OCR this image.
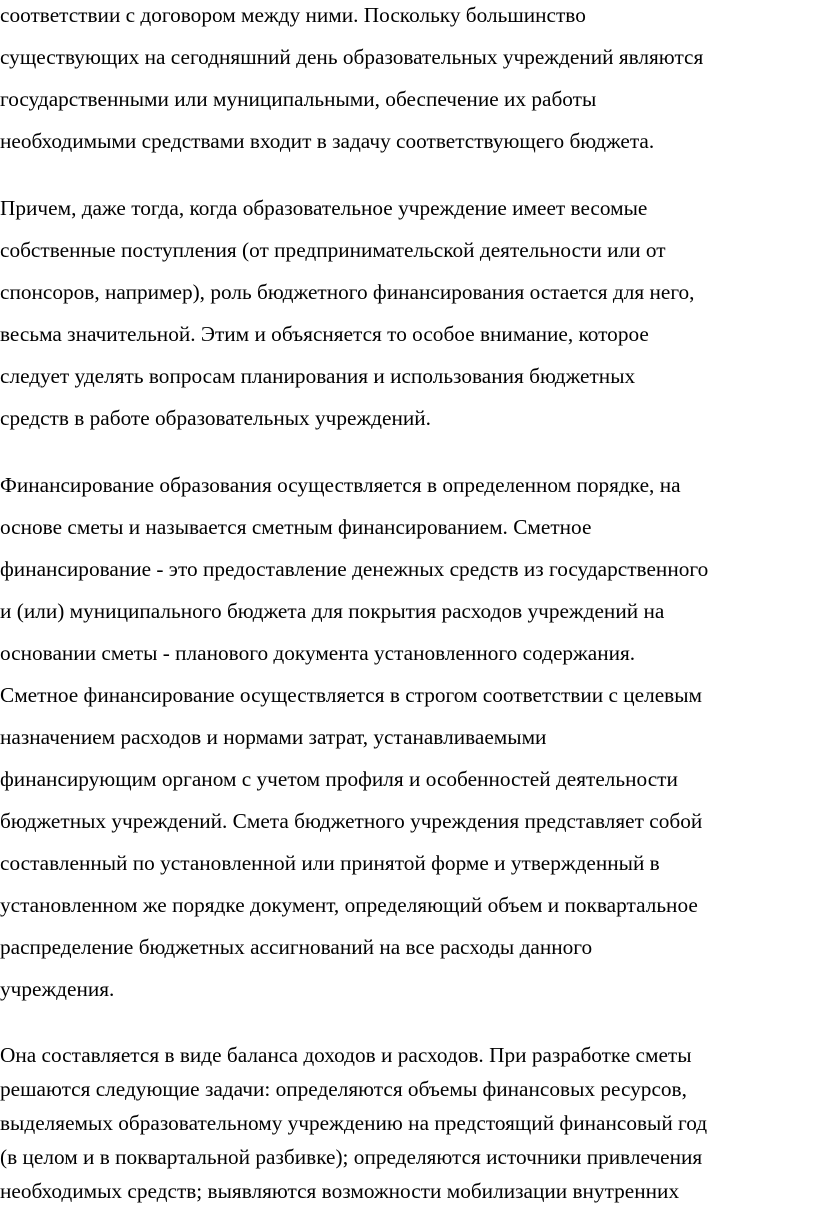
соответствии с договором между ними. Поскольку большинство
существующих на сегодняшний день образовательных учреждений являются
государственными или муниципальными, обеспечение их работы
необходимыми средствами входит в задачу соответствующего бюджета.
Причем, даже тогда, когда образовательное учреждение имеет весомые
собственные поступления (от предпринимательской деятельности или от
спонсоров, например), роль бюджетного финансирования остается для него,
весьма значительной. Этим и объясняется то особое внимание, которое
следует уделять вопросам планирования и использования бюджетных
средств в работе образовательных учреждений.
Финансирование образования осуществляется в определенном порядке, на
основе сметы и называется сметным финансированием. Сметное
финансирование - это предоставление денежных средств из государственного
и (или) муниципального бюджета для покрытия расходов учреждений на
основании сметы - планового документа установленного содержания.
Сметное финансирование осуществляется в строгом соответствии с целевым
назначением расходов и нормами затрат, устанавливаемыми
финансирующим органом с учетом профиля и особенностей деятельности
бюджетных учреждений. Смета бюджетного учреждения представляет собой
составленный по установленной или принятой форме и утвержденный в
установленном же порядке документ, определяющий объем и поквартальное
распределение бюджетных ассигнований на все расходы данного
учреждения.
Она составляется в виде баланса доходов и расходов. При разработке сметы
решаются следующие задачи: определяются объемы финансовых ресурсов,
выделяемых образовательному учреждению на предстоящий финансовый год
(в целом и в поквартальной разбивке); определяются источники привлечения
необходимых средств; выявляются возможности мобилизации внутренних
